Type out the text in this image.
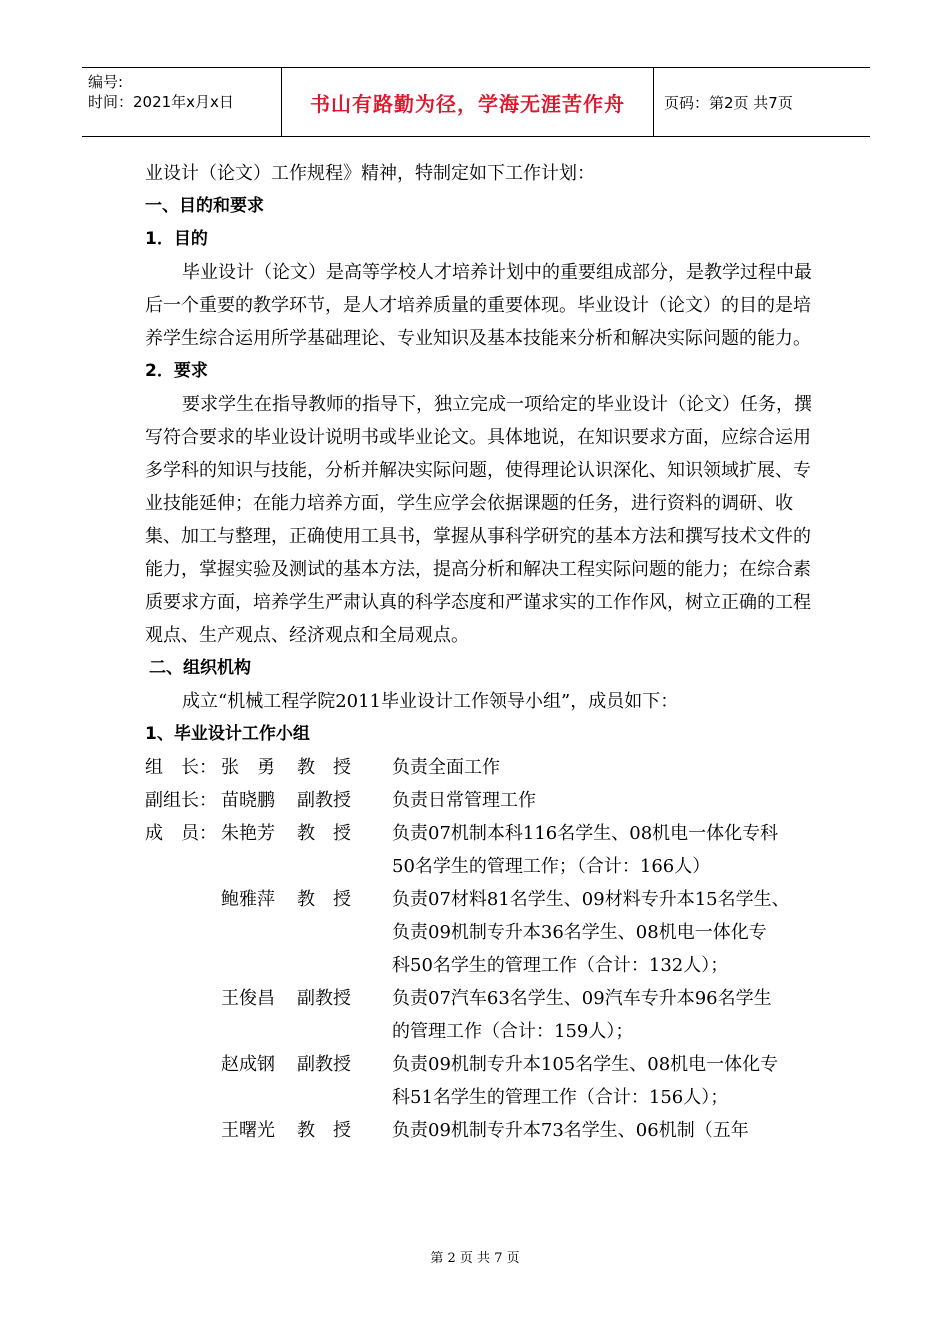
编号:
时间：2021年x月x日	书山有路勤为径，学海无涯苦作舟	页码：第2页 共7页

业设计（论文）工作规程》精神，特制定如下工作计划：

一、目的和要求

1．目的

毕业设计（论文）是高等学校人才培养计划中的重要组成部分，是教学过程中最后一个重要的教学环节，是人才培养质量的重要体现。毕业设计（论文）的目的是培养学生综合运用所学基础理论、专业知识及基本技能来分析和解决实际问题的能力。

2．要求

要求学生在指导教师的指导下，独立完成一项给定的毕业设计（论文）任务，撰写符合要求的毕业设计说明书或毕业论文。具体地说，在知识要求方面，应综合运用多学科的知识与技能，分析并解决实际问题，使得理论认识深化、知识领域扩展、专业技能延伸；在能力培养方面，学生应学会依据课题的任务，进行资料的调研、收集、加工与整理，正确使用工具书，掌握从事科学研究的基本方法和撰写技术文件的能力，掌握实验及测试的基本方法，提高分析和解决工程实际问题的能力；在综合素质要求方面，培养学生严肃认真的科学态度和严谨求实的工作作风，树立正确的工程观点、生产观点、经济观点和全局观点。

二、组织机构

成立“机械工程学院2011毕业设计工作领导小组”，成员如下：

1、毕业设计工作小组

组　长： 张　勇	教　授	负责全面工作
副组长： 苗晓鹏	副教授	负责日常管理工作
成　员： 朱艳芳	教　授	负责07机制本科116名学生、08机电一体化专科
50名学生的管理工作；（合计：166人）
鲍雅萍	教　授	负责07材料81名学生、09材料专升本15名学生、
负责09机制专升本36名学生、08机电一体化专
科50名学生的管理工作（合计：132人）；
王俊昌	副教授	负责07汽车63名学生、09汽车专升本96名学生
的管理工作（合计：159人）；
赵成钢	副教授	负责09机制专升本105名学生、08机电一体化专
科51名学生的管理工作（合计：156人）；
王曙光	教　授	负责09机制专升本73名学生、06机制（五年
第 2 页 共 7 页
